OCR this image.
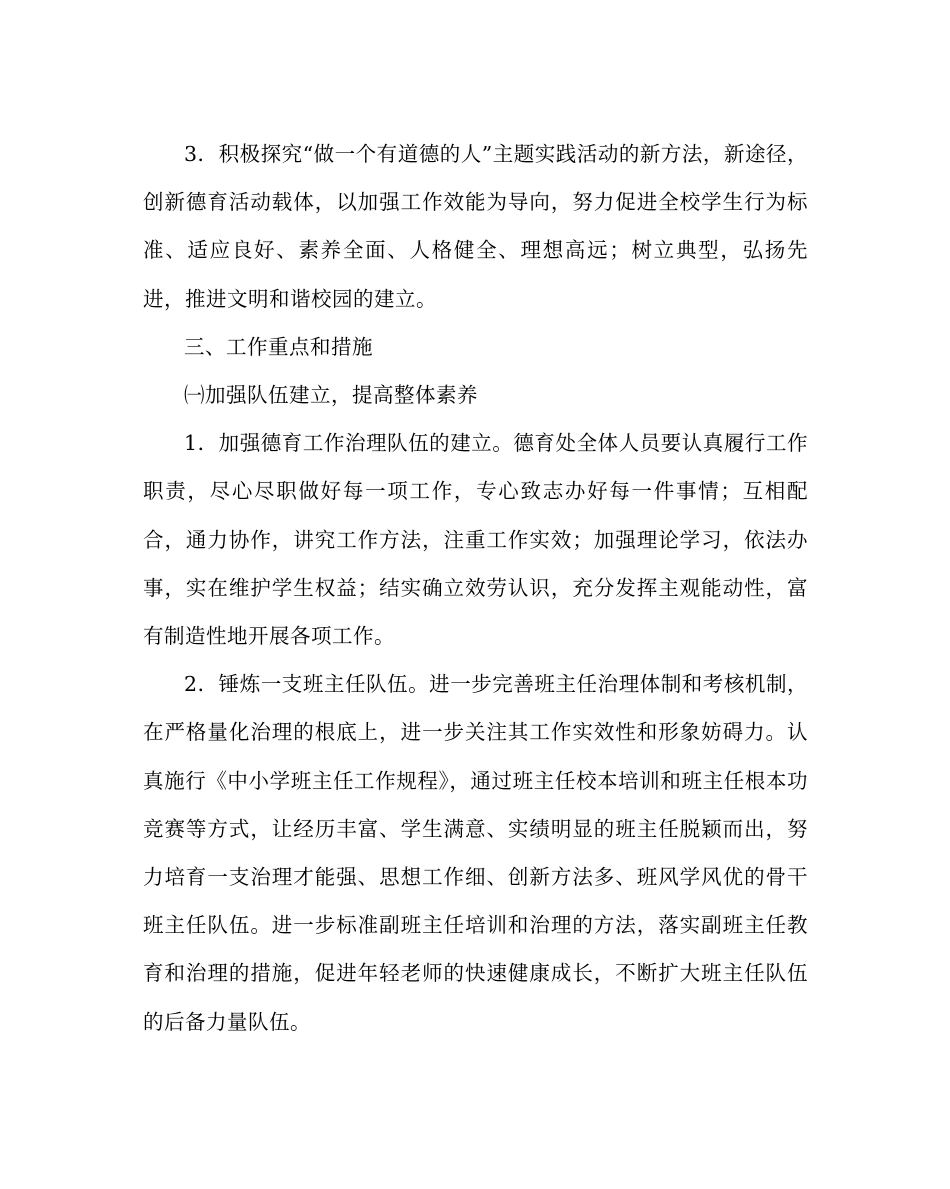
3．积极探究“做一个有道德的人”主题实践活动的新方法，新途径，创新德育活动载体，以加强工作效能为导向，努力促进全校学生行为标准、适应良好、素养全面、人格健全、理想高远；树立典型，弘扬先进，推进文明和谐校园的建立。

三、工作重点和措施

㈠加强队伍建立，提高整体素养

1．加强德育工作治理队伍的建立。德育处全体人员要认真履行工作职责，尽心尽职做好每一项工作，专心致志办好每一件事情；互相配合，通力协作，讲究工作方法，注重工作实效；加强理论学习，依法办事，实在维护学生权益；结实确立效劳认识，充分发挥主观能动性，富有制造性地开展各项工作。

2．锤炼一支班主任队伍。进一步完善班主任治理体制和考核机制，在严格量化治理的根底上，进一步关注其工作实效性和形象妨碍力。认真施行《中小学班主任工作规程》，通过班主任校本培训和班主任根本功竞赛等方式，让经历丰富、学生满意、实绩明显的班主任脱颖而出，努力培育一支治理才能强、思想工作细、创新方法多、班风学风优的骨干班主任队伍。进一步标准副班主任培训和治理的方法，落实副班主任教育和治理的措施，促进年轻老师的快速健康成长，不断扩大班主任队伍的后备力量队伍。
